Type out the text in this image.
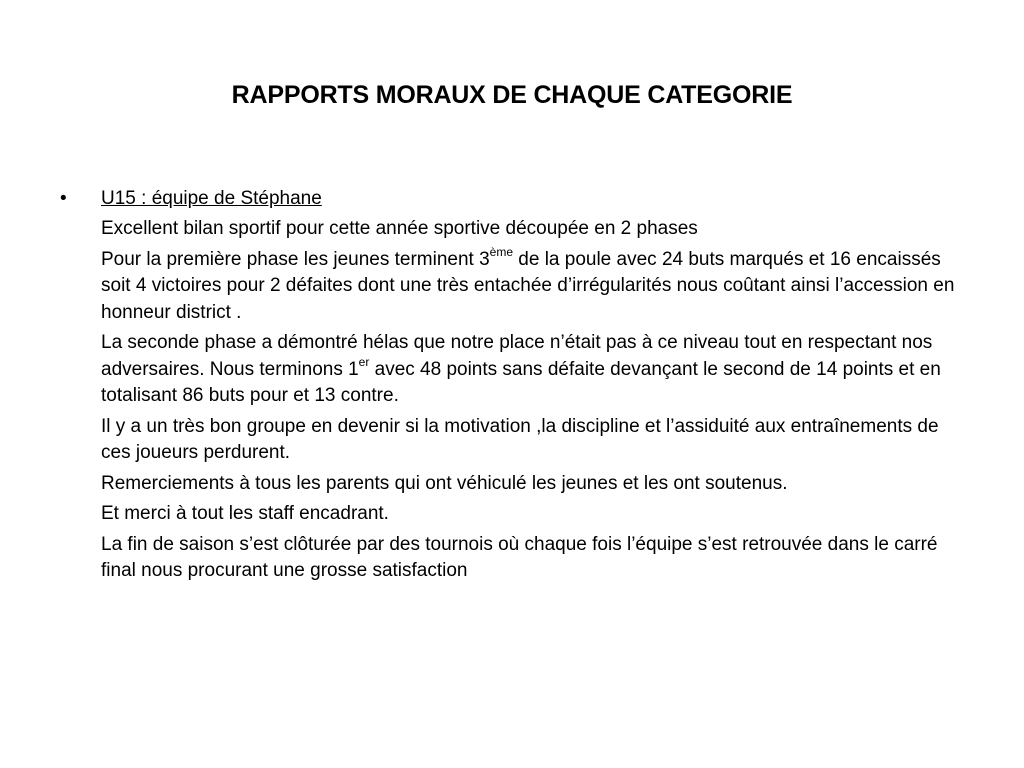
RAPPORTS MORAUX DE CHAQUE CATEGORIE
•	U15 : équipe de Stéphane
Excellent bilan sportif pour cette année sportive découpée en 2 phases
Pour la première phase les jeunes terminent 3ème de la poule avec 24 buts marqués et 16 encaissés soit 4 victoires pour 2 défaites dont une très entachée d’irrégularités nous coûtant ainsi l’accession en honneur district .
La seconde phase a démontré hélas que notre place n’était pas à ce niveau tout en respectant nos adversaires. Nous terminons 1er avec 48 points sans défaite devançant le second de 14 points et en totalisant 86 buts pour et 13 contre.
Il y a un très bon groupe en devenir si la motivation ,la discipline et l’assiduité aux entraînements de ces joueurs perdurent.
Remerciements à tous les parents qui ont véhiculé les jeunes et les ont soutenus.
Et merci à tout les staff encadrant.
La fin de saison s’est clôturée par des tournois où chaque fois l’équipe s’est retrouvée dans le carré final nous procurant une grosse satisfaction
